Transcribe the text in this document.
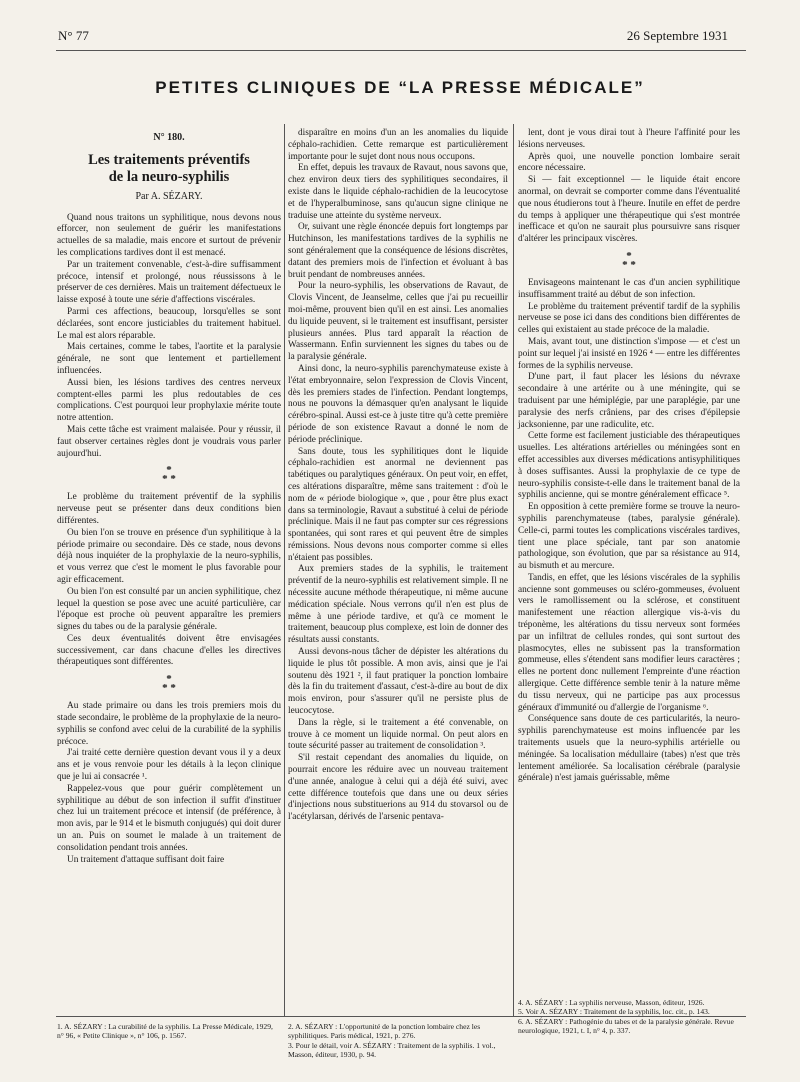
N° 77	26 Septembre 1931
PETITES CLINIQUES DE “LA PRESSE MÉDICALE”
N° 180.
Les traitements préventifs
de la neuro-syphilis
Par A. SÉZARY.

Quand nous traitons un syphilitique, nous devons nous efforcer, non seulement de guérir les manifestations actuelles de sa maladie, mais encore et surtout de prévenir les complications tardives dont il est menacé.

Par un traitement convenable, c'est-à-dire suffisamment précoce, intensif et prolongé, nous réussissons à le préserver de ces dernières. Mais un traitement défectueux le laisse exposé à toute une série d'affections viscérales.

Parmi ces affections, beaucoup, lorsqu'elles se sont déclarées, sont encore justiciables du traitement habituel. Le mal est alors réparable.

Mais certaines, comme le tabes, l'aortite et la paralysie générale, ne sont que lentement et partiellement influencées.

Aussi bien, les lésions tardives des centres nerveux comptent-elles parmi les plus redoutables de ces complications. C'est pourquoi leur prophylaxie mérite toute notre attention.

Mais cette tâche est vraiment malaisée. Pour y réussir, il faut observer certaines règles dont je voudrais vous parler aujourd'hui.

*
* *

Le problème du traitement préventif de la syphilis nerveuse peut se présenter dans deux conditions bien différentes.

Ou bien l'on se trouve en présence d'un syphilitique à la période primaire ou secondaire. Dès ce stade, nous devons déjà nous inquiéter de la prophylaxie de la neuro-syphilis, et vous verrez que c'est le moment le plus favorable pour agir efficacement.

Ou bien l'on est consulté par un ancien syphilitique, chez lequel la question se pose avec une acuité particulière, car l'époque est proche où peuvent apparaître les premiers signes du tabes ou de la paralysie générale.

Ces deux éventualités doivent être envisagées successivement, car dans chacune d'elles les directives thérapeutiques sont différentes.

*
* *

Au stade primaire ou dans les trois premiers mois du stade secondaire, le problème de la prophylaxie de la neuro-syphilis se confond avec celui de la curabilité de la syphilis précoce.

J'ai traité cette dernière question devant vous il y a deux ans et je vous renvoie pour les détails à la leçon clinique que je lui ai consacrée ¹.

Rappelez-vous que pour guérir complètement un syphilitique au début de son infection il suffit d'instituer chez lui un traitement précoce et intensif (de préférence, à mon avis, par le 914 et le bismuth conjugués) qui doit durer un an. Puis on soumet le malade à un traitement de consolidation pendant trois années.

Un traitement d'attaque suffisant doit faire

disparaître en moins d'un an les anomalies du liquide céphalo-rachidien. Cette remarque est particulièrement importante pour le sujet dont nous nous occupons.

En effet, depuis les travaux de Ravaut, nous savons que, chez environ deux tiers des syphilitiques secondaires, il existe dans le liquide céphalo-rachidien de la leucocytose et de l'hyperalbuminose, sans qu'aucun signe clinique ne traduise une atteinte du système nerveux.

Or, suivant une règle énoncée depuis fort longtemps par Hutchinson, les manifestations tardives de la syphilis ne sont généralement que la conséquence de lésions discrètes, datant des premiers mois de l'infection et évoluant à bas bruit pendant de nombreuses années.

Pour la neuro-syphilis, les observations de Ravaut, de Clovis Vincent, de Jeanselme, celles que j'ai pu recueillir moi-même, prouvent bien qu'il en est ainsi. Les anomalies du liquide peuvent, si le traitement est insuffisant, persister plusieurs années. Plus tard apparaît la réaction de Wassermann. Enfin surviennent les signes du tabes ou de la paralysie générale.

Ainsi donc, la neuro-syphilis parenchymateuse existe à l'état embryonnaire, selon l'expression de Clovis Vincent, dès les premiers stades de l'infection. Pendant longtemps, nous ne pouvons la démasquer qu'en analysant le liquide cérébro-spinal. Aussi est-ce à juste titre qu'à cette première période de son existence Ravaut a donné le nom de période préclinique.

Sans doute, tous les syphilitiques dont le liquide céphalo-rachidien est anormal ne deviennent pas tabétiques ou paralytiques généraux. On peut voir, en effet, ces altérations disparaître, même sans traitement : d'où le nom de « période biologique », que , pour être plus exact dans sa terminologie, Ravaut a substitué à celui de période préclinique. Mais il ne faut pas compter sur ces régressions spontanées, qui sont rares et qui peuvent être de simples rémissions. Nous devons nous comporter comme si elles n'étaient pas possibles.

Aux premiers stades de la syphilis, le traitement préventif de la neuro-syphilis est relativement simple. Il ne nécessite aucune méthode thérapeutique, ni même aucune médication spéciale. Nous verrons qu'il n'en est plus de même à une période tardive, et qu'à ce moment le traitement, beaucoup plus complexe, est loin de donner des résultats aussi constants.

Aussi devons-nous tâcher de dépister les altérations du liquide le plus tôt possible. A mon avis, ainsi que je l'ai soutenu dès 1921 ², il faut pratiquer la ponction lombaire dès la fin du traitement d'assaut, c'est-à-dire au bout de dix mois environ, pour s'assurer qu'il ne persiste plus de leucocytose.

Dans la règle, si le traitement a été convenable, on trouve à ce moment un liquide normal. On peut alors en toute sécurité passer au traitement de consolidation ³.

S'il restait cependant des anomalies du liquide, on pourrait encore les réduire avec un nouveau traitement d'une année, analogue à celui qui a déjà été suivi, avec cette différence toutefois que dans une ou deux séries d'injections nous substituerions au 914 du stovarsol ou de l'acétylarsan, dérivés de l'arsenic pentava-

lent, dont je vous dirai tout à l'heure l'affinité pour les lésions nerveuses.

Après quoi, une nouvelle ponction lombaire serait encore nécessaire.

Si — fait exceptionnel — le liquide était encore anormal, on devrait se comporter comme dans l'éventualité que nous étudierons tout à l'heure. Inutile en effet de perdre du temps à appliquer une thérapeutique qui s'est montrée inefficace et qu'on ne saurait plus poursuivre sans risquer d'altérer les principaux viscères.

*
* *

Envisageons maintenant le cas d'un ancien syphilitique insuffisamment traité au début de son infection.

Le problème du traitement préventif tardif de la syphilis nerveuse se pose ici dans des conditions bien différentes de celles qui existaient au stade précoce de la maladie.

Mais, avant tout, une distinction s'impose — et c'est un point sur lequel j'ai insisté en 1926 ⁴ — entre les différentes formes de la syphilis nerveuse.

D'une part, il faut placer les lésions du névraxe secondaire à une artérite ou à une méningite, qui se traduisent par une hémiplégie, par une paraplégie, par une paralysie des nerfs crâniens, par des crises d'épilepsie jacksonienne, par une radiculite, etc.

Cette forme est facilement justiciable des thérapeutiques usuelles. Les altérations artérielles ou méningées sont en effet accessibles aux diverses médications antisyphilitiques à doses suffisantes. Aussi la prophylaxie de ce type de neuro-syphilis consiste-t-elle dans le traitement banal de la syphilis ancienne, qui se montre généralement efficace ⁵.

En opposition à cette première forme se trouve la neuro-syphilis parenchymateuse (tabes, paralysie générale). Celle-ci, parmi toutes les complications viscérales tardives, tient une place spéciale, tant par son anatomie pathologique, son évolution, que par sa résistance au 914, au bismuth et au mercure.

Tandis, en effet, que les lésions viscérales de la syphilis ancienne sont gommeuses ou scléro-gommeuses, évoluent vers le ramollissement ou la sclérose, et constituent manifestement une réaction allergique vis-à-vis du tréponème, les altérations du tissu nerveux sont formées par un infiltrat de cellules rondes, qui sont surtout des plasmocytes, elles ne subissent pas la transformation gommeuse, elles s'étendent sans modifier leurs caractères ; elles ne portent donc nullement l'empreinte d'une réaction allergique. Cette différence semble tenir à la nature même du tissu nerveux, qui ne participe pas aux processus généraux d'immunité ou d'allergie de l'organisme ⁶.

Conséquence sans doute de ces particularités, la neuro-syphilis parenchymateuse est moins influencée par les traitements usuels que la neuro-syphilis artérielle ou méningée. Sa localisation médullaire (tabes) n'est que très lentement améliorée. Sa localisation cérébrale (paralysie générale) n'est jamais guérissable, même

1. A. SÉZARY : La curabilité de la syphilis. La Presse Médicale, 1929, n° 96, « Petite Clinique », n° 106, p. 1567.
2. A. SÉZARY : L'opportunité de la ponction lombaire chez les syphilitiques. Paris médical, 1921, p. 276.
3. Pour le détail, voir A. SÉZARY : Traitement de la syphilis. 1 vol., Masson, éditeur, 1930, p. 94.
4. A. SÉZARY : La syphilis nerveuse, Masson, éditeur, 1926.
5. Voir A. SÉZARY : Traitement de la syphilis, loc. cit., p. 143.
6. A. SÉZARY : Pathogénie du tabes et de la paralysie générale. Revue neurologique, 1921, t. I, n° 4, p. 337.
